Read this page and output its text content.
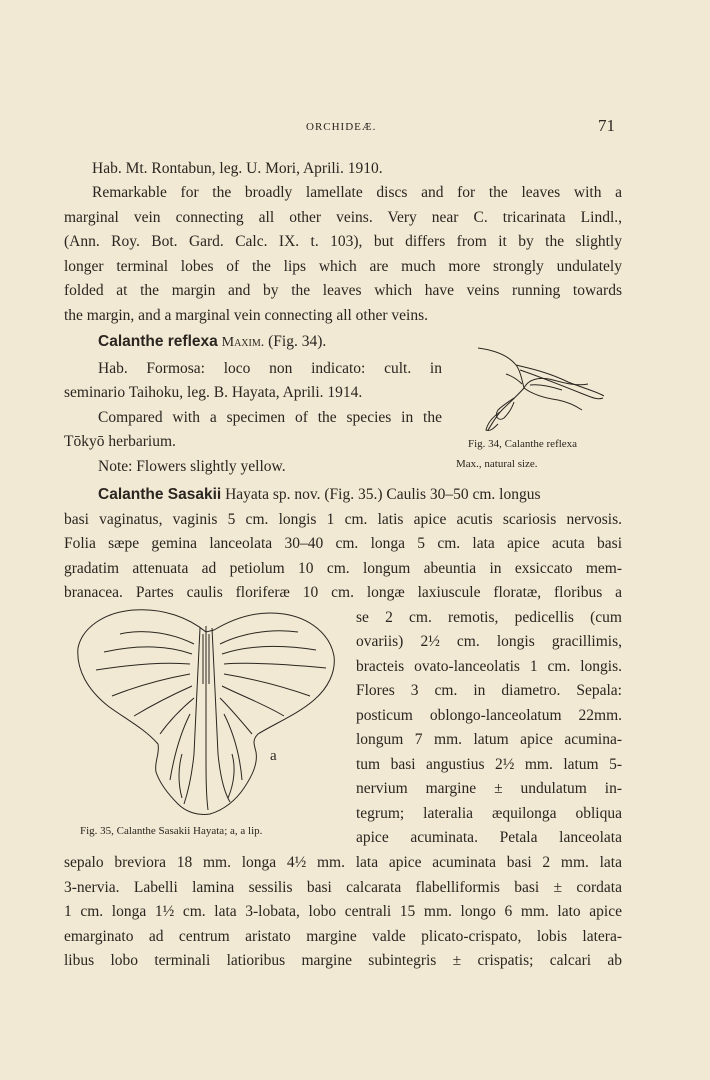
ORCHIDEÆ.	71
Hab. Mt. Rontabun, leg. U. Mori, Aprili. 1910.
Remarkable for the broadly lamellate discs and for the leaves with a
marginal vein connecting all other veins. Very near C. tricarinata Lindl.,
(Ann. Roy. Bot. Gard. Calc. IX. t. 103), but differs from it by the slightly
longer terminal lobes of the lips which are much more strongly undulately
folded at the margin and by the leaves which have veins running towards
the margin, and a marginal vein connecting all other veins.
Calanthe reflexa Maxim. (Fig. 34).
Hab. Formosa: loco non indicato: cult. in
seminario Taihoku, leg. B. Hayata, Aprili. 1914.
Compared with a specimen of the species in the
Tōkyō herbarium.
Note: Flowers slightly yellow.
Fig. 34, Calanthe reflexa
Max., natural size.
Calanthe Sasakii Hayata sp. nov. (Fig. 35.) Caulis 30–50 cm. longus
basi vaginatus, vaginis 5 cm. longis 1 cm. latis apice acutis scariosis nervosis.
Folia sæpe gemina lanceolata 30–40 cm. longa 5 cm. lata apice acuta basi
gradatim attenuata ad petiolum 10 cm. longum abeuntia in exsiccato mem-
branacea. Partes caulis floriferæ 10 cm. longæ laxiuscule floratæ, floribus a
se 2 cm. remotis, pedicellis (cum
ovariis) 2½ cm. longis gracillimis,
bracteis ovato-lanceolatis 1 cm. longis.
Flores 3 cm. in diametro. Sepala:
posticum oblongo-lanceolatum 22mm.
longum 7 mm. latum apice acumina-
tum basi angustius 2½ mm. latum 5-
nervium margine ± undulatum in-
tegrum; lateralia æquilonga obliqua
apice acuminata. Petala lanceolata
a
Fig. 35, Calanthe Sasakii Hayata; a, a lip.
sepalo breviora 18 mm. longa 4½ mm. lata apice acuminata basi 2 mm. lata
3-nervia. Labelli lamina sessilis basi calcarata flabelliformis basi ± cordata
1 cm. longa 1½ cm. lata 3-lobata, lobo centrali 15 mm. longo 6 mm. lato apice
emarginato ad centrum aristato margine valde plicato-crispato, lobis latera-
libus lobo terminali latioribus margine subintegris ± crispatis; calcari ab
